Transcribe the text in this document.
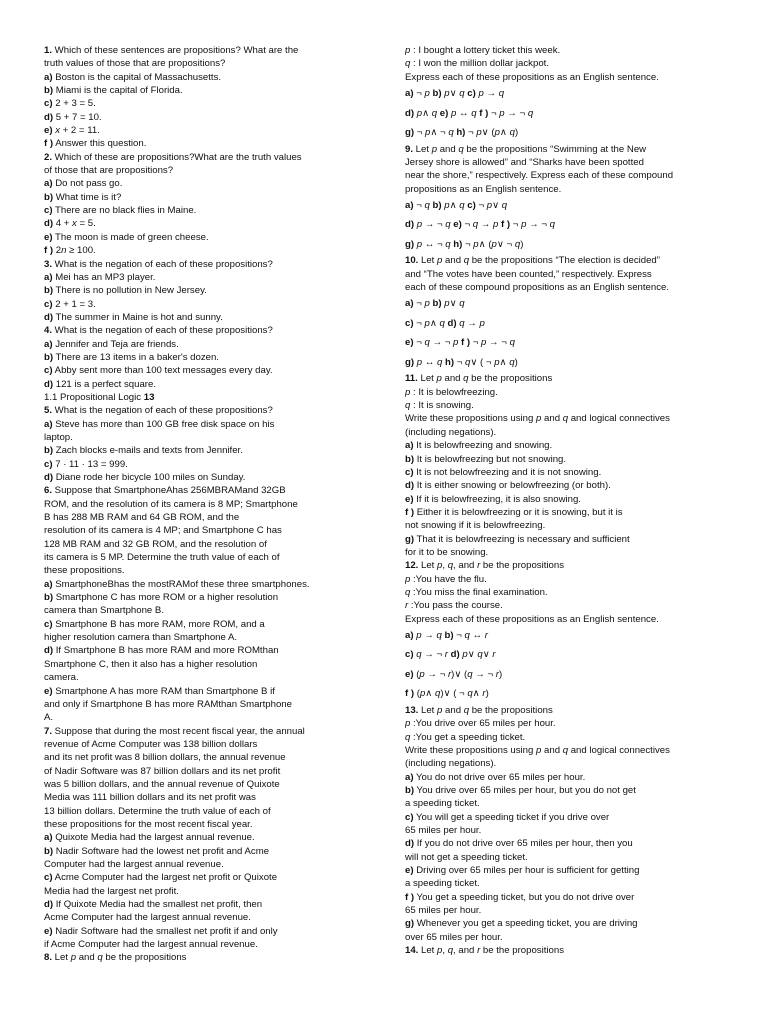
1. Which of these sentences are propositions? What are the
truth values of those that are propositions?
a) Boston is the capital of Massachusetts.
b) Miami is the capital of Florida.
c) 2 + 3 = 5.
d) 5 + 7 = 10.
e) x + 2 = 11.
f ) Answer this question.
2. Which of these are propositions?What are the truth values
of those that are propositions?
a) Do not pass go.
b) What time is it?
c) There are no black flies in Maine.
d) 4 + x = 5.
e) The moon is made of green cheese.
f ) 2n ≥ 100.
3. What is the negation of each of these propositions?
a) Mei has an MP3 player.
b) There is no pollution in New Jersey.
c) 2 + 1 = 3.
d) The summer in Maine is hot and sunny.
4. What is the negation of each of these propositions?
a) Jennifer and Teja are friends.
b) There are 13 items in a baker's dozen.
c) Abby sent more than 100 text messages every day.
d) 121 is a perfect square.
1.1 Propositional Logic 13
5. What is the negation of each of these propositions?
a) Steve has more than 100 GB free disk space on his
laptop.
b) Zach blocks e-mails and texts from Jennifer.
c) 7 · 11 · 13 = 999.
d) Diane rode her bicycle 100 miles on Sunday.
6. Suppose that SmartphoneAhas 256MBRAMand 32GB
ROM, and the resolution of its camera is 8 MP; Smartphone
B has 288 MB RAM and 64 GB ROM, and the
resolution of its camera is 4 MP; and Smartphone C has
128 MB RAM and 32 GB ROM, and the resolution of
its camera is 5 MP. Determine the truth value of each of
these propositions.
a) SmartphoneBhas the mostRAMof these three smartphones.
b) Smartphone C has more ROM or a higher resolution
camera than Smartphone B.
c) Smartphone B has more RAM, more ROM, and a
higher resolution camera than Smartphone A.
d) If Smartphone B has more RAM and more ROMthan
Smartphone C, then it also has a higher resolution
camera.
e) Smartphone A has more RAM than Smartphone B if
and only if Smartphone B has more RAMthan Smartphone
A.
7. Suppose that during the most recent fiscal year, the annual
revenue of Acme Computer was 138 billion dollars
and its net profit was 8 billion dollars, the annual revenue
of Nadir Software was 87 billion dollars and its net profit
was 5 billion dollars, and the annual revenue of Quixote
Media was 111 billion dollars and its net profit was
13 billion dollars. Determine the truth value of each of
these propositions for the most recent fiscal year.
a) Quixote Media had the largest annual revenue.
b) Nadir Software had the lowest net profit and Acme
Computer had the largest annual revenue.
c) Acme Computer had the largest net profit or Quixote
Media had the largest net profit.
d) If Quixote Media had the smallest net profit, then
Acme Computer had the largest annual revenue.
e) Nadir Software had the smallest net profit if and only
if Acme Computer had the largest annual revenue.
8. Let p and q be the propositions
p : I bought a lottery ticket this week.
q : I won the million dollar jackpot.
Express each of these propositions as an English sentence.
a) ¬ p b) p∨ q c) p → q
d) p∧ q e) p ↔ q f ) ¬ p → ¬ q
g) ¬ p∧ ¬ q h) ¬ p∨ (p∧ q)
9. Let p and q be the propositions “Swimming at the New
Jersey shore is allowed” and “Sharks have been spotted
near the shore,” respectively. Express each of these compound
propositions as an English sentence.
a) ¬ q b) p∧ q c) ¬ p∨ q
d) p → ¬ q e) ¬ q → p f ) ¬ p → ¬ q
g) p ↔ ¬ q h) ¬ p∧ (p∨ ¬ q)
10. Let p and q be the propositions “The election is decided”
and “The votes have been counted,” respectively. Express
each of these compound propositions as an English sentence.
a) ¬ p b) p∨ q
c) ¬ p∧ q d) q → p
e) ¬ q → ¬ p f ) ¬ p → ¬ q
g) p ↔ q h) ¬ q∨ ( ¬ p∧ q)
11. Let p and q be the propositions
p : It is belowfreezing.
q : It is snowing.
Write these propositions using p and q and logical connectives
(including negations).
a) It is belowfreezing and snowing.
b) It is belowfreezing but not snowing.
c) It is not belowfreezing and it is not snowing.
d) It is either snowing or belowfreezing (or both).
e) If it is belowfreezing, it is also snowing.
f ) Either it is belowfreezing or it is snowing, but it is
not snowing if it is belowfreezing.
g) That it is belowfreezing is necessary and sufficient
for it to be snowing.
12. Let p, q, and r be the propositions
p :You have the flu.
q :You miss the final examination.
r :You pass the course.
Express each of these propositions as an English sentence.
a) p → q b) ¬ q ↔ r
c) q → ¬ r d) p∨ q∨ r
e) (p → ¬ r)∨ (q → ¬ r)
f ) (p∧ q)∨ ( ¬ q∧ r)
13. Let p and q be the propositions
p :You drive over 65 miles per hour.
q :You get a speeding ticket.
Write these propositions using p and q and logical connectives
(including negations).
a) You do not drive over 65 miles per hour.
b) You drive over 65 miles per hour, but you do not get
a speeding ticket.
c) You will get a speeding ticket if you drive over
65 miles per hour.
d) If you do not drive over 65 miles per hour, then you
will not get a speeding ticket.
e) Driving over 65 miles per hour is sufficient for getting
a speeding ticket.
f ) You get a speeding ticket, but you do not drive over
65 miles per hour.
g) Whenever you get a speeding ticket, you are driving
over 65 miles per hour.
14. Let p, q, and r be the propositions
